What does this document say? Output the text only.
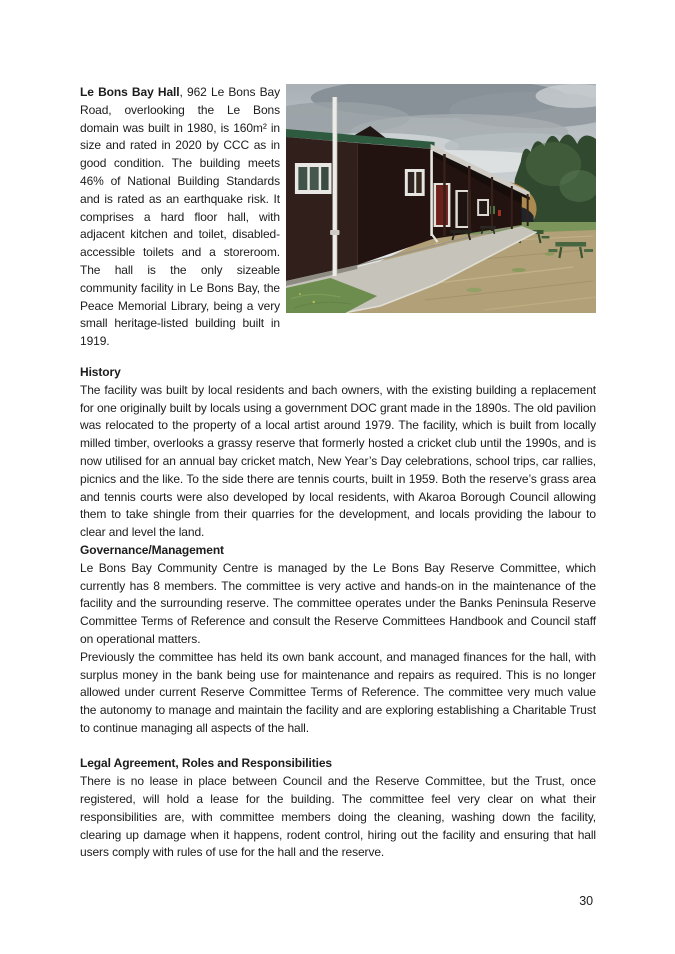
Le Bons Bay Hall, 962 Le Bons Bay Road, overlooking the Le Bons domain was built in 1980, is 160m² in size and rated in 2020 by CCC as in good condition. The building meets 46% of National Building Standards and is rated as an earthquake risk. It comprises a hard floor hall, with adjacent kitchen and toilet, disabled-accessible toilets and a storeroom. The hall is the only sizeable community facility in Le Bons Bay, the Peace Memorial Library, being a very small heritage-listed building built in 1919.

History

The facility was built by local residents and bach owners, with the existing building a replacement for one originally built by locals using a government DOC grant made in the 1890s. The old pavilion was relocated to the property of a local artist around 1979. The facility, which is built from locally milled timber, overlooks a grassy reserve that formerly hosted a cricket club until the 1990s, and is now utilised for an annual bay cricket match, New Year’s Day celebrations, school trips, car rallies, picnics and the like. To the side there are tennis courts, built in 1959. Both the reserve’s grass area and tennis courts were also developed by local residents, with Akaroa Borough Council allowing them to take shingle from their quarries for the development, and locals providing the labour to clear and level the land.

Governance/Management

Le Bons Bay Community Centre is managed by the Le Bons Bay Reserve Committee, which currently has 8 members. The committee is very active and hands-on in the maintenance of the facility and the surrounding reserve. The committee operates under the Banks Peninsula Reserve Committee Terms of Reference and consult the Reserve Committees Handbook and Council staff on operational matters.

Previously the committee has held its own bank account, and managed finances for the hall, with surplus money in the bank being use for maintenance and repairs as required. This is no longer allowed under current Reserve Committee Terms of Reference. The committee very much value the autonomy to manage and maintain the facility and are exploring establishing a Charitable Trust to continue managing all aspects of the hall.

Legal Agreement, Roles and Responsibilities

There is no lease in place between Council and the Reserve Committee, but the Trust, once registered, will hold a lease for the building. The committee feel very clear on what their responsibilities are, with committee members doing the cleaning, washing down the facility, clearing up damage when it happens, rodent control, hiring out the facility and ensuring that hall users comply with rules of use for the hall and the reserve.

30
